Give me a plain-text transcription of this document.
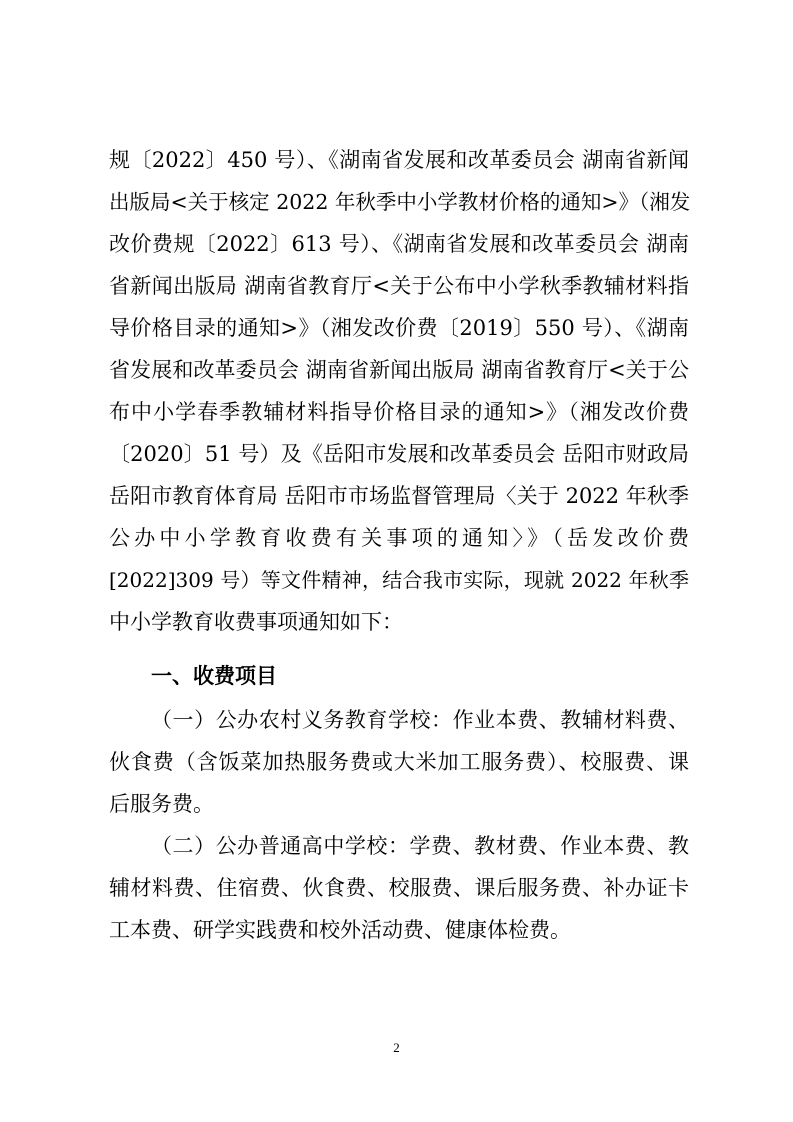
规〔2022〕450 号）、《湖南省发展和改革委员会 湖南省新闻
出版局<关于核定 2022 年秋季中小学教材价格的通知>》（湘发
改价费规〔2022〕613 号）、《湖南省发展和改革委员会 湖南
省新闻出版局 湖南省教育厅<关于公布中小学秋季教辅材料指
导价格目录的通知>》（湘发改价费〔2019〕550 号）、《湖南
省发展和改革委员会 湖南省新闻出版局 湖南省教育厅<关于公
布中小学春季教辅材料指导价格目录的通知>》（湘发改价费
〔2020〕51 号）及《岳阳市发展和改革委员会 岳阳市财政局
岳阳市教育体育局 岳阳市市场监督管理局〈关于 2022 年秋季
公办中小学教育收费有关事项的通知〉》（岳发改价费
[2022]309 号）等文件精神，结合我市实际，现就 2022 年秋季
中小学教育收费事项通知如下：
一、收费项目
（一）公办农村义务教育学校：作业本费、教辅材料费、
伙食费（含饭菜加热服务费或大米加工服务费）、校服费、课
后服务费。
（二）公办普通高中学校：学费、教材费、作业本费、教
辅材料费、住宿费、伙食费、校服费、课后服务费、补办证卡
工本费、研学实践费和校外活动费、健康体检费。
2
